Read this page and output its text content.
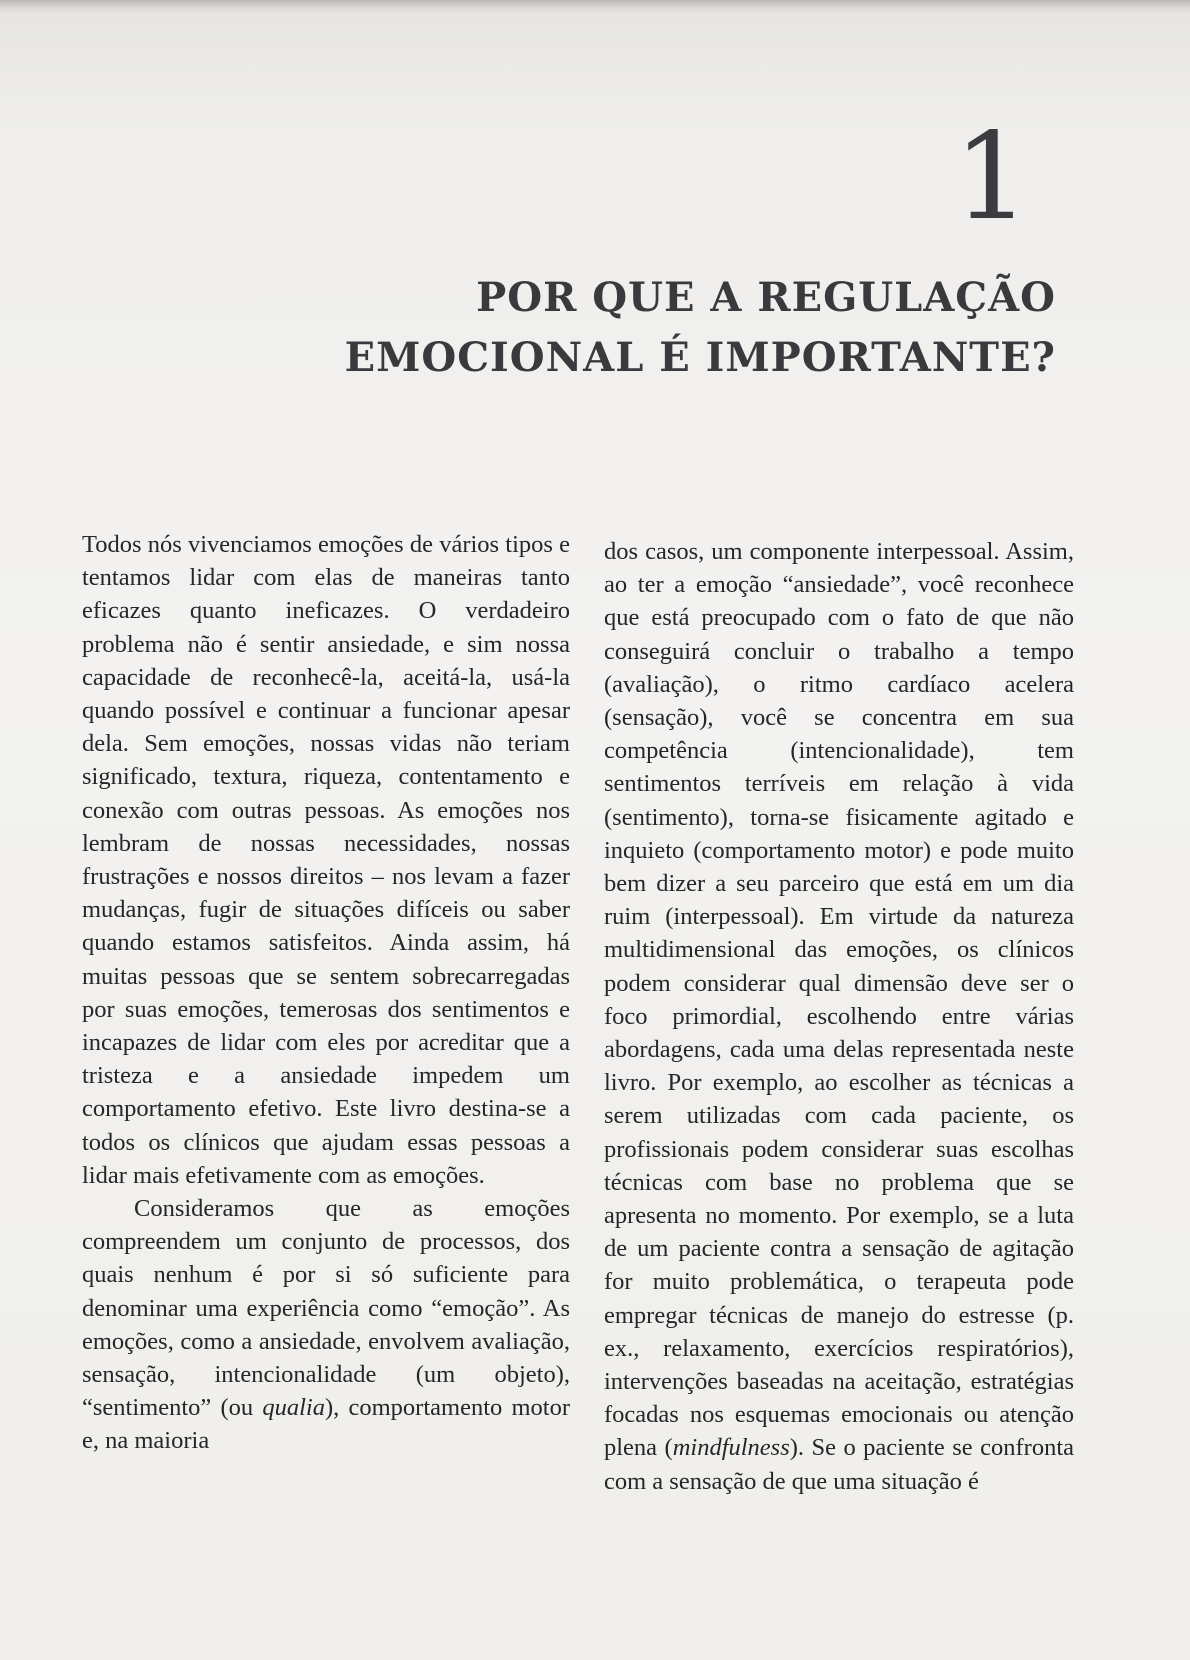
1
POR QUE A REGULAÇÃO
EMOCIONAL É IMPORTANTE?

Todos nós vivenciamos emoções de vários tipos e tentamos lidar com elas de maneiras tanto eficazes quanto ineficazes. O verdadeiro problema não é sentir ansiedade, e sim nossa capacidade de reconhecê-la, aceitá-la, usá-la quando possível e continuar a funcionar apesar dela. Sem emoções, nossas vidas não teriam significado, textura, riqueza, contentamento e conexão com outras pessoas. As emoções nos lembram de nossas necessidades, nossas frustrações e nossos direitos – nos levam a fazer mudanças, fugir de situações difíceis ou saber quando estamos satisfeitos. Ainda assim, há muitas pessoas que se sentem sobrecarregadas por suas emoções, temerosas dos sentimentos e incapazes de lidar com eles por acreditar que a tristeza e a ansiedade impedem um comportamento efetivo. Este livro destina-se a todos os clínicos que ajudam essas pessoas a lidar mais efetivamente com as emoções.

Consideramos que as emoções compreendem um conjunto de processos, dos quais nenhum é por si só suficiente para denominar uma experiência como “emoção”. As emoções, como a ansiedade, envolvem avaliação, sensação, intencionalidade (um objeto), “sentimento” (ou qualia), comportamento motor e, na maioria

dos casos, um componente interpessoal. Assim, ao ter a emoção “ansiedade”, você reconhece que está preocupado com o fato de que não conseguirá concluir o trabalho a tempo (avaliação), o ritmo cardíaco acelera (sensação), você se concentra em sua competência (intencionalidade), tem sentimentos terríveis em relação à vida (sentimento), torna-se fisicamente agitado e inquieto (comportamento motor) e pode muito bem dizer a seu parceiro que está em um dia ruim (interpessoal). Em virtude da natureza multidimensional das emoções, os clínicos podem considerar qual dimensão deve ser o foco primordial, escolhendo entre várias abordagens, cada uma delas representada neste livro. Por exemplo, ao escolher as técnicas a serem utilizadas com cada paciente, os profissionais podem considerar suas escolhas técnicas com base no problema que se apresenta no momento. Por exemplo, se a luta de um paciente contra a sensação de agitação for muito problemática, o terapeuta pode empregar técnicas de manejo do estresse (p. ex., relaxamento, exercícios respiratórios), intervenções baseadas na aceitação, estratégias focadas nos esquemas emocionais ou atenção plena (mindfulness). Se o paciente se confronta com a sensação de que uma situação é
